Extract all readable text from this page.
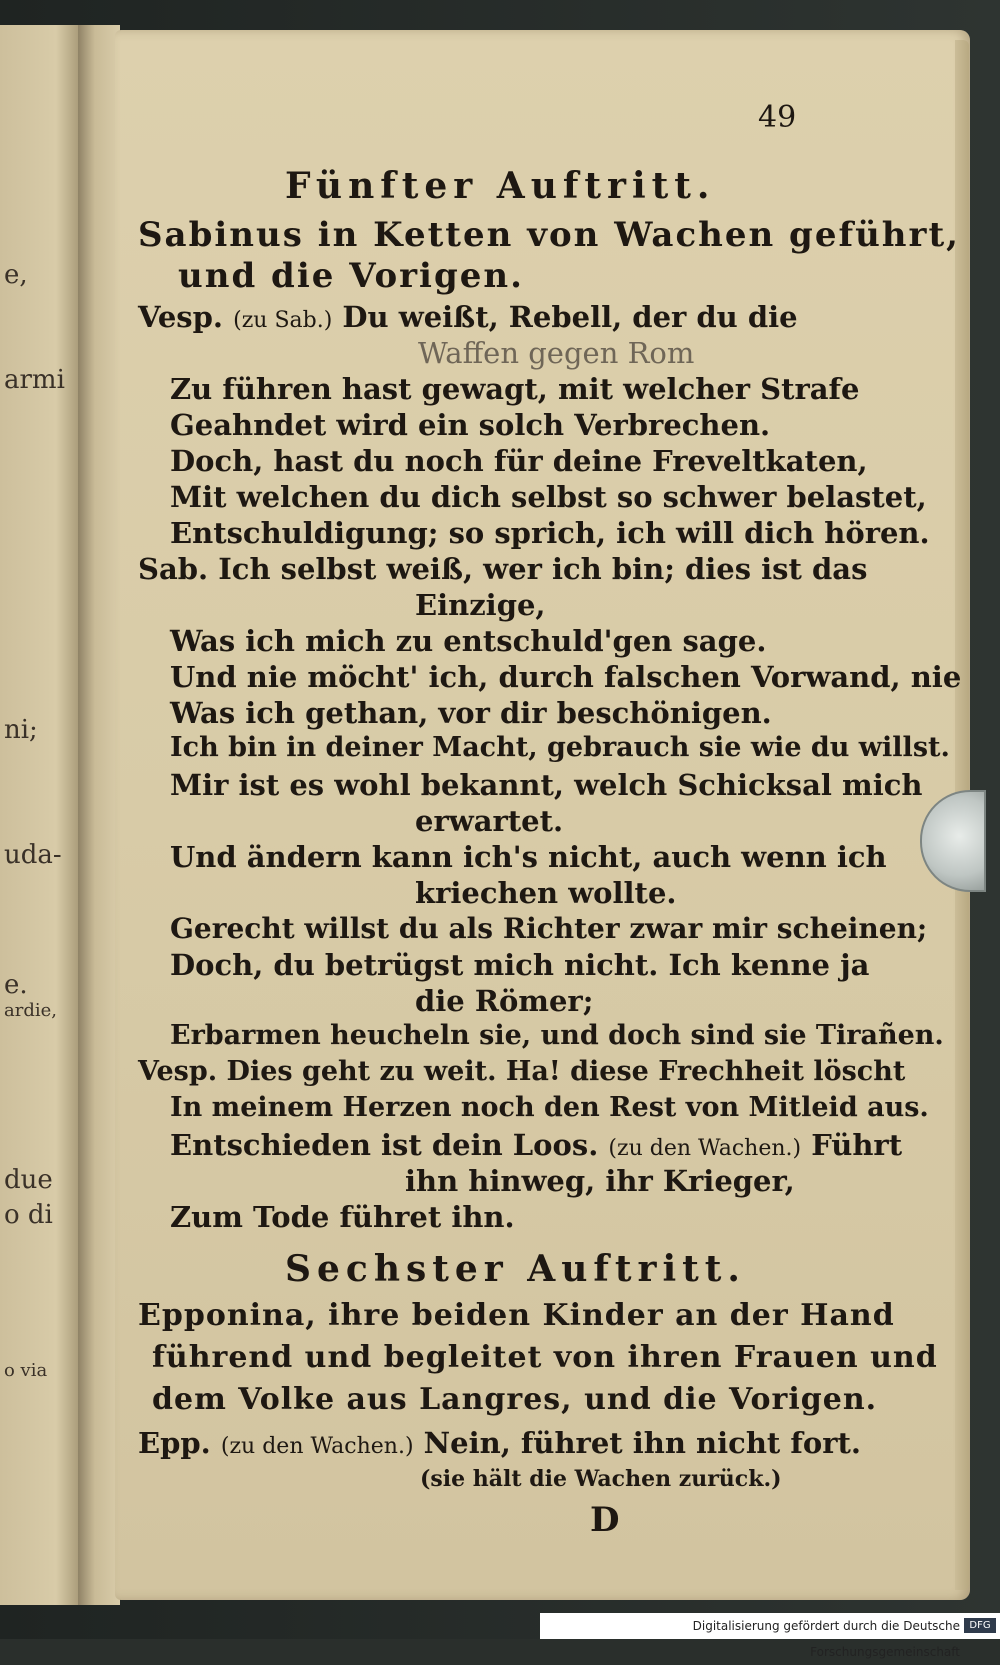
e,
armi
ni;
uda-
e.
ardie,
due
o di
o via
49
Fünfter Auftritt.
Sabinus in Ketten von Wachen geführt,
und die Vorigen.
Vesp. (zu Sab.) Du weißt, Rebell, der du die
Waffen gegen Rom
Zu führen hast gewagt, mit welcher Strafe
Geahndet wird ein solch Verbrechen.
Doch, hast du noch für deine Freveltkaten,
Mit welchen du dich selbst so schwer belastet,
Entschuldigung; so sprich, ich will dich hören.
Sab. Ich selbst weiß, wer ich bin; dies ist das
Einzige,
Was ich mich zu entschuld'gen sage.
Und nie möcht' ich, durch falschen Vorwand, nie
Was ich gethan, vor dir beschönigen.
Ich bin in deiner Macht, gebrauch sie wie du willst.
Mir ist es wohl bekannt, welch Schicksal mich
erwartet.
Und ändern kann ich's nicht, auch wenn ich
kriechen wollte.
Gerecht willst du als Richter zwar mir scheinen;
Doch, du betrügst mich nicht. Ich kenne ja
die Römer;
Erbarmen heucheln sie, und doch sind sie Tirañen.
Vesp. Dies geht zu weit. Ha! diese Frechheit löscht
In meinem Herzen noch den Rest von Mitleid aus.
Entschieden ist dein Loos. (zu den Wachen.) Führt
ihn hinweg, ihr Krieger,
Zum Tode führet ihn.
Sechster Auftritt.
Epponina, ihre beiden Kinder an der Hand
führend und begleitet von ihren Frauen und
dem Volke aus Langres, und die Vorigen.
Epp. (zu den Wachen.) Nein, führet ihn nicht fort.
(sie hält die Wachen zurück.)
D
Digitalisierung gefördert durch die Deutsche Forschungsgemeinschaft
DFG
